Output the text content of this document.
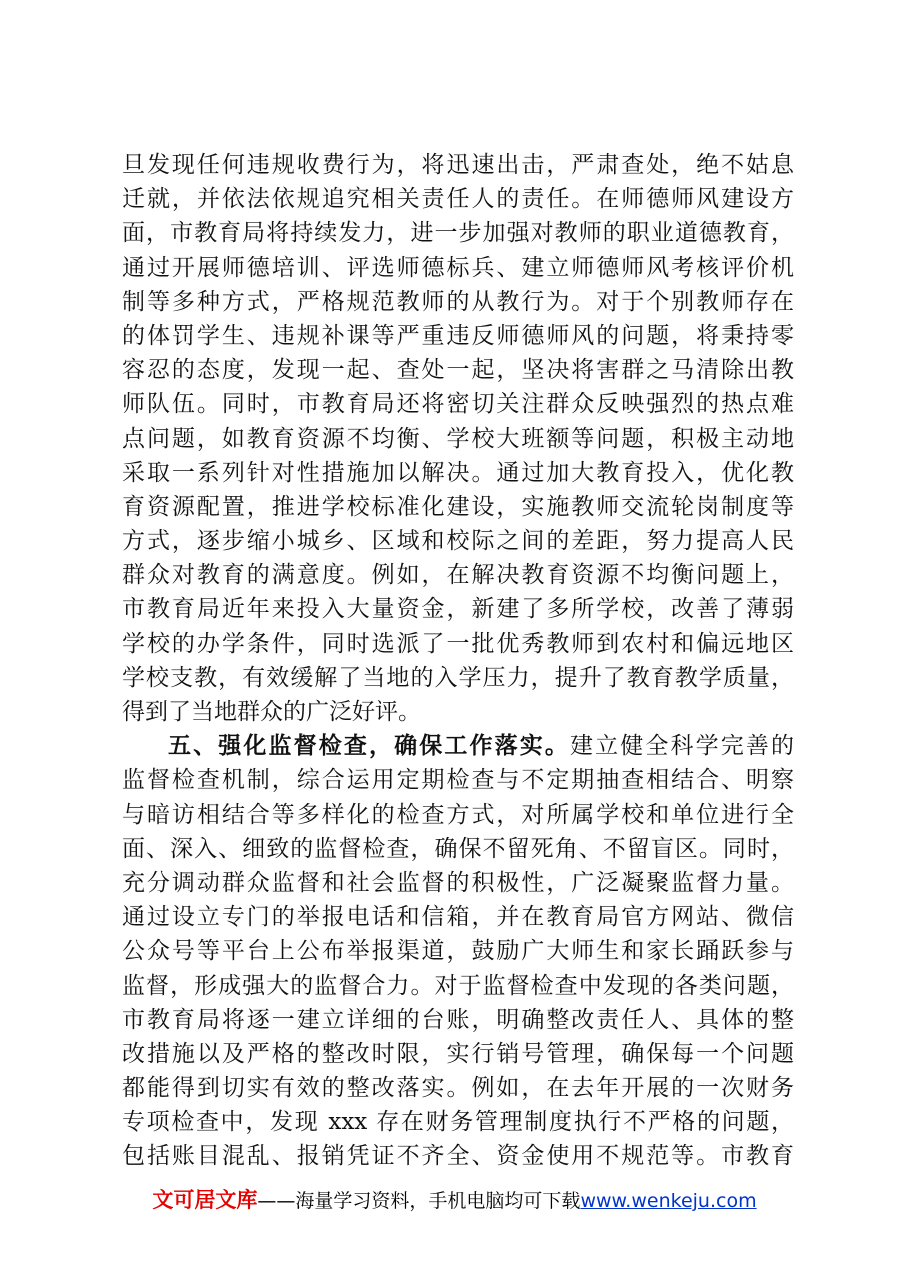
旦发现任何违规收费行为，将迅速出击，严肃查处，绝不姑息
迁就，并依法依规追究相关责任人的责任。在师德师风建设方
面，市教育局将持续发力，进一步加强对教师的职业道德教育，
通过开展师德培训、评选师德标兵、建立师德师风考核评价机
制等多种方式，严格规范教师的从教行为。对于个别教师存在
的体罚学生、违规补课等严重违反师德师风的问题，将秉持零
容忍的态度，发现一起、查处一起，坚决将害群之马清除出教
师队伍。同时，市教育局还将密切关注群众反映强烈的热点难
点问题，如教育资源不均衡、学校大班额等问题，积极主动地
采取一系列针对性措施加以解决。通过加大教育投入，优化教
育资源配置，推进学校标准化建设，实施教师交流轮岗制度等
方式，逐步缩小城乡、区域和校际之间的差距，努力提高人民
群众对教育的满意度。例如，在解决教育资源不均衡问题上，
市教育局近年来投入大量资金，新建了多所学校，改善了薄弱
学校的办学条件，同时选派了一批优秀教师到农村和偏远地区
学校支教，有效缓解了当地的入学压力，提升了教育教学质量，
得到了当地群众的广泛好评。
五、强化监督检查，确保工作落实。建立健全科学完善的
监督检查机制，综合运用定期检查与不定期抽查相结合、明察
与暗访相结合等多样化的检查方式，对所属学校和单位进行全
面、深入、细致的监督检查，确保不留死角、不留盲区。同时，
充分调动群众监督和社会监督的积极性，广泛凝聚监督力量。
通过设立专门的举报电话和信箱，并在教育局官方网站、微信
公众号等平台上公布举报渠道，鼓励广大师生和家长踊跃参与
监督，形成强大的监督合力。对于监督检查中发现的各类问题，
市教育局将逐一建立详细的台账，明确整改责任人、具体的整
改措施以及严格的整改时限，实行销号管理，确保每一个问题
都能得到切实有效的整改落实。例如，在去年开展的一次财务
专项检查中，发现 xxx 存在财务管理制度执行不严格的问题，
包括账目混乱、报销凭证不齐全、资金使用不规范等。市教育
文可居文库——海量学习资料，手机电脑均可下载www.wenkeju.com
